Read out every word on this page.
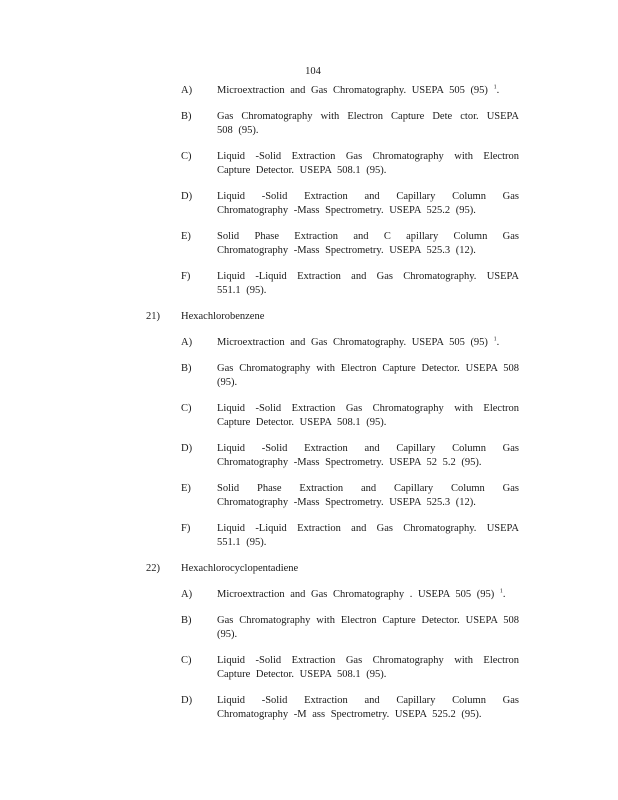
104
A) Microextraction and Gas Chromatography. USEPA 505 (95) $^1$.
B) Gas Chromatography with Electron Capture Dete ctor. USEPA 508 (95).
C) Liquid -Solid Extraction Gas Chromatography with Electron Capture Detector. USEPA 508.1 (95).
D) Liquid -Solid Extraction and Capillary Column Gas Chromatography -Mass Spectrometry. USEPA 525.2 (95).
E) Solid Phase Extraction and C apillary Column Gas Chromatography -Mass Spectrometry. USEPA 525.3 (12).
F)	Liquid -Liquid Extraction and Gas Chromatography. USEPA 551.1 (95).
21) Hexachlorobenzene
A) Microextraction and Gas Chromatography. USEPA 505 (95) $^1$.
B) Gas Chromatography with Electron Capture Detector. USEPA 508 (95).
C) Liquid -Solid Extraction Gas Chromatography with Electron Capture Detector. USEPA 508.1 (95).
D) Liquid -Solid Extraction and Capillary Column Gas Chromatography -Mass Spectrometry. USEPA 52 5.2 (95).
E) Solid Phase Extraction and Capillary Column Gas Chromatography -Mass Spectrometry. USEPA 525.3 (12).
F)	Liquid -Liquid Extraction and Gas Chromatography. USEPA 551.1 (95).
22) Hexachlorocyclopentadiene
A) Microextraction and Gas Chromatography . USEPA 505 (95) $^1$.
B) Gas Chromatography with Electron Capture Detector. USEPA 508 (95).
C) Liquid -Solid Extraction Gas Chromatography with Electron Capture Detector. USEPA 508.1 (95).
D) Liquid -Solid Extraction and Capillary Column Gas Chromatography -M ass Spectrometry. USEPA 525.2 (95).
